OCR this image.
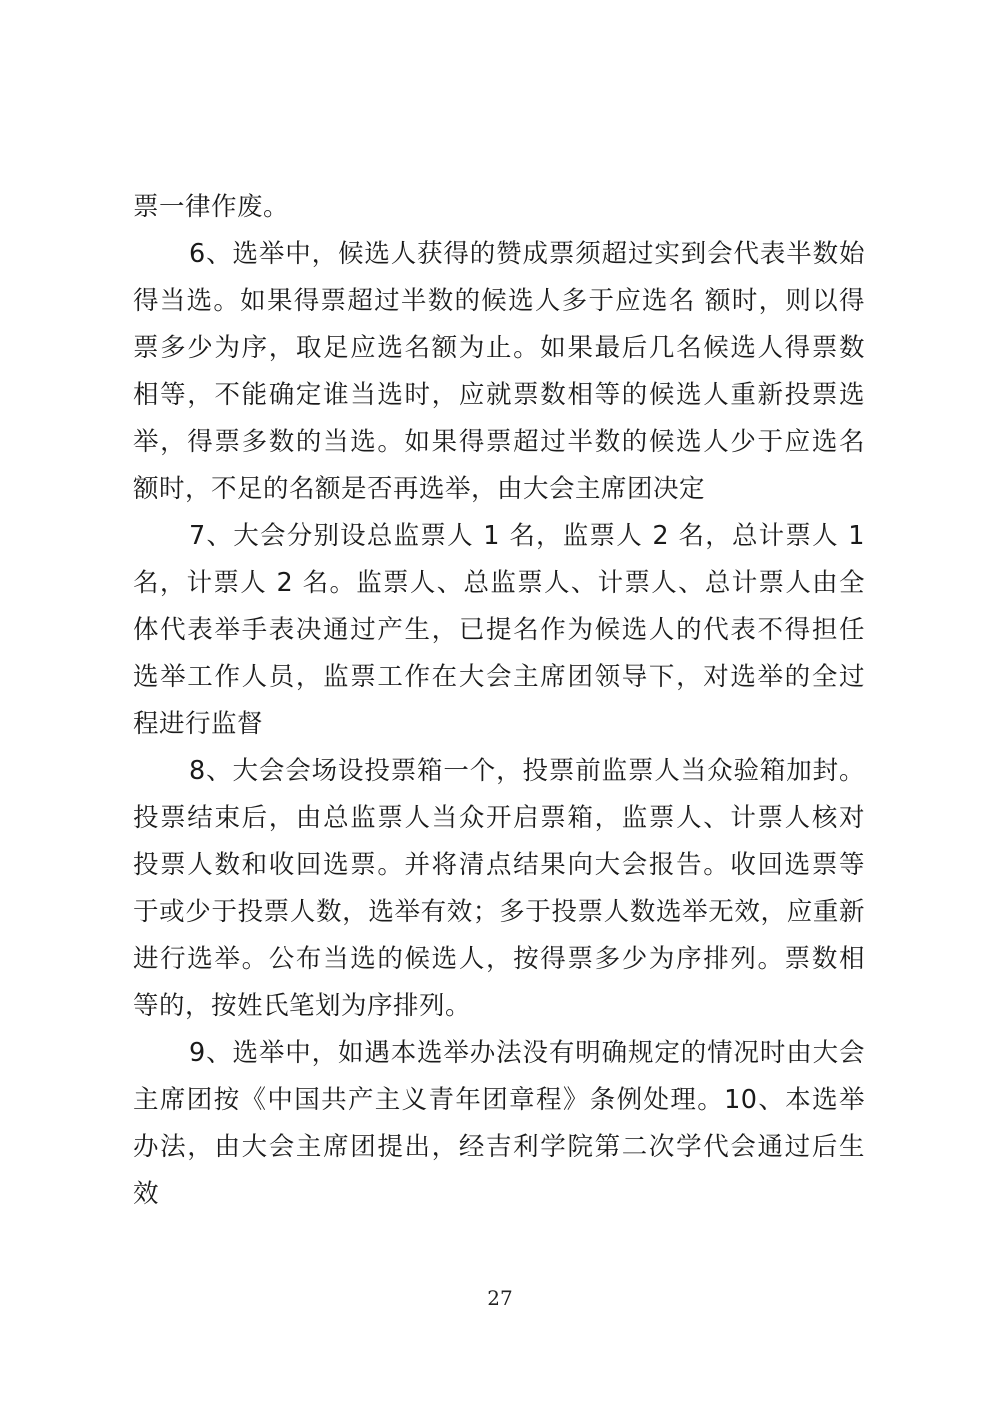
票一律作废。
6、选举中，候选人获得的赞成票须超过实到会代表半数始
得当选。如果得票超过半数的候选人多于应选名 额时，则以得
票多少为序，取足应选名额为止。如果最后几名候选人得票数
相等，不能确定谁当选时，应就票数相等的候选人重新投票选
举，得票多数的当选。如果得票超过半数的候选人少于应选名
额时，不足的名额是否再选举，由大会主席团决定
7、大会分别设总监票人 1 名，监票人 2 名，总计票人 1
名，计票人 2 名。监票人、总监票人、计票人、总计票人由全
体代表举手表决通过产生，已提名作为候选人的代表不得担任
选举工作人员，监票工作在大会主席团领导下，对选举的全过
程进行监督
8、大会会场设投票箱一个，投票前监票人当众验箱加封。
投票结束后，由总监票人当众开启票箱，监票人、计票人核对
投票人数和收回选票。并将清点结果向大会报告。收回选票等
于或少于投票人数，选举有效；多于投票人数选举无效，应重新
进行选举。公布当选的候选人，按得票多少为序排列。票数相
等的，按姓氏笔划为序排列。
9、选举中，如遇本选举办法没有明确规定的情况时由大会
主席团按《中国共产主义青年团章程》条例处理。10、本选举
办法，由大会主席团提出，经吉利学院第二次学代会通过后生
效
27
